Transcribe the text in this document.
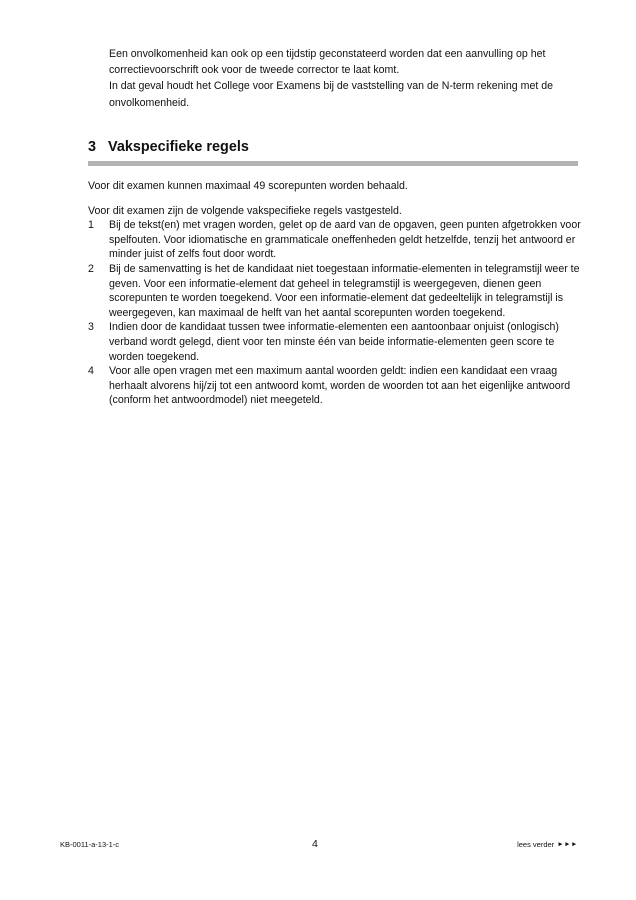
Een onvolkomenheid kan ook op een tijdstip geconstateerd worden dat een aanvulling op het correctievoorschrift ook voor de tweede corrector te laat komt.

In dat geval houdt het College voor Examens bij de vaststelling van de N-term rekening met de onvolkomenheid.

3 Vakspecifieke regels

Voor dit examen kunnen maximaal 49 scorepunten worden behaald.

Voor dit examen zijn de volgende vakspecifieke regels vastgesteld.

1	Bij de tekst(en) met vragen worden, gelet op de aard van de opgaven, geen punten afgetrokken voor spelfouten. Voor idiomatische en grammaticale oneffenheden geldt hetzelfde, tenzij het antwoord er minder juist of zelfs fout door wordt.
2	Bij de samenvatting is het de kandidaat niet toegestaan informatie-elementen in telegramstijl weer te geven. Voor een informatie-element dat geheel in telegramstijl is weergegeven, dienen geen scorepunten te worden toegekend. Voor een informatie-element dat gedeeltelijk in telegramstijl is weergegeven, kan maximaal de helft van het aantal scorepunten worden toegekend.
3	Indien door de kandidaat tussen twee informatie-elementen een aantoonbaar onjuist (onlogisch) verband wordt gelegd, dient voor ten minste één van beide informatie-elementen geen score te worden toegekend.
4	Voor alle open vragen met een maximum aantal woorden geldt: indien een kandidaat een vraag herhaalt alvorens hij/zij tot een antwoord komt, worden de woorden tot aan het eigenlijke antwoord (conform het antwoordmodel) niet meegeteld.
KB-0011-a-13-1-c	4	lees verder ►►►
